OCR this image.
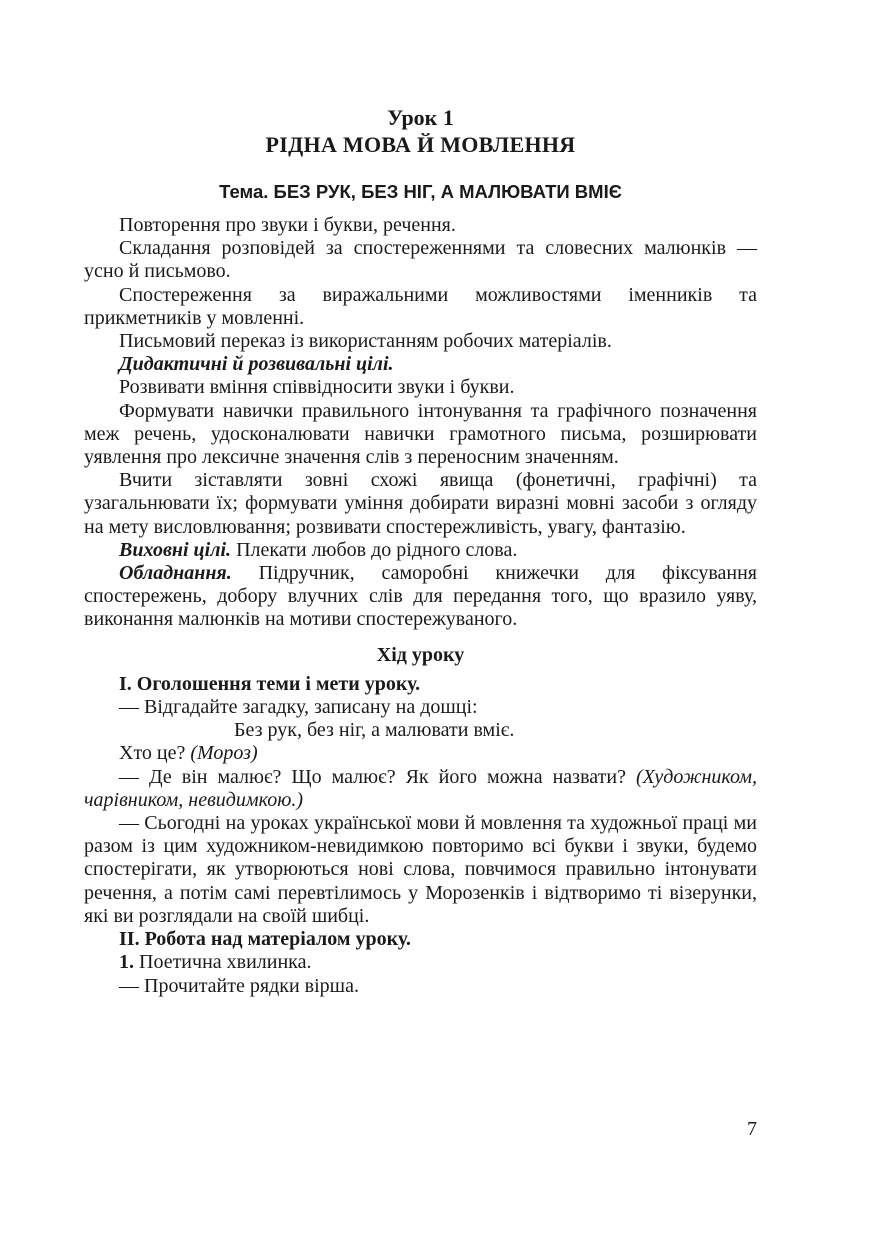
Урок 1
РІДНА МОВА Й МОВЛЕННЯ
Тема. БЕЗ РУК, БЕЗ НІГ, А МАЛЮВАТИ ВМІЄ

Повторення про звуки і букви, речення.

Складання розповідей за спостереженнями та словесних малюнків — усно й письмово.

Спостереження за виражальними можливостями іменників та прикметників у мовленні.

Письмовий переказ із використанням робочих матеріалів.

Дидактичні й розвивальні цілі.

Розвивати вміння співвідносити звуки і букви.

Формувати навички правильного інтонування та графічного позначення меж речень, удосконалювати навички грамотного письма, розширювати уявлення про лексичне значення слів з переносним значенням.

Вчити зіставляти зовні схожі явища (фонетичні, графічні) та узагальнювати їх; формувати уміння добирати виразні мовні засоби з огляду на мету висловлювання; розвивати спостережливість, увагу, фантазію.

Виховні цілі. Плекати любов до рідного слова.

Обладнання. Підручник, саморобні книжечки для фіксування спостережень, добору влучних слів для передання того, що вразило уяву, виконання малюнків на мотиви спостережуваного.

Хід уроку

І. Оголошення теми і мети уроку.

— Відгадайте загадку, записану на дошці:

Без рук, без ніг, а малювати вміє.

Хто це? (Мороз)

— Де він малює? Що малює? Як його можна назвати? (Художником, чарівником, невидимкою.)

— Сьогодні на уроках української мови й мовлення та художньої праці ми разом із цим художником-невидимкою повторимо всі букви і звуки, будемо спостерігати, як утворюються нові слова, повчимося правильно інтонувати речення, а потім самі перевтілимось у Морозенків і відтворимо ті візерунки, які ви розглядали на своїй шибці.

ІІ. Робота над матеріалом уроку.

1. Поетична хвилинка.

— Прочитайте рядки вірша.

7
